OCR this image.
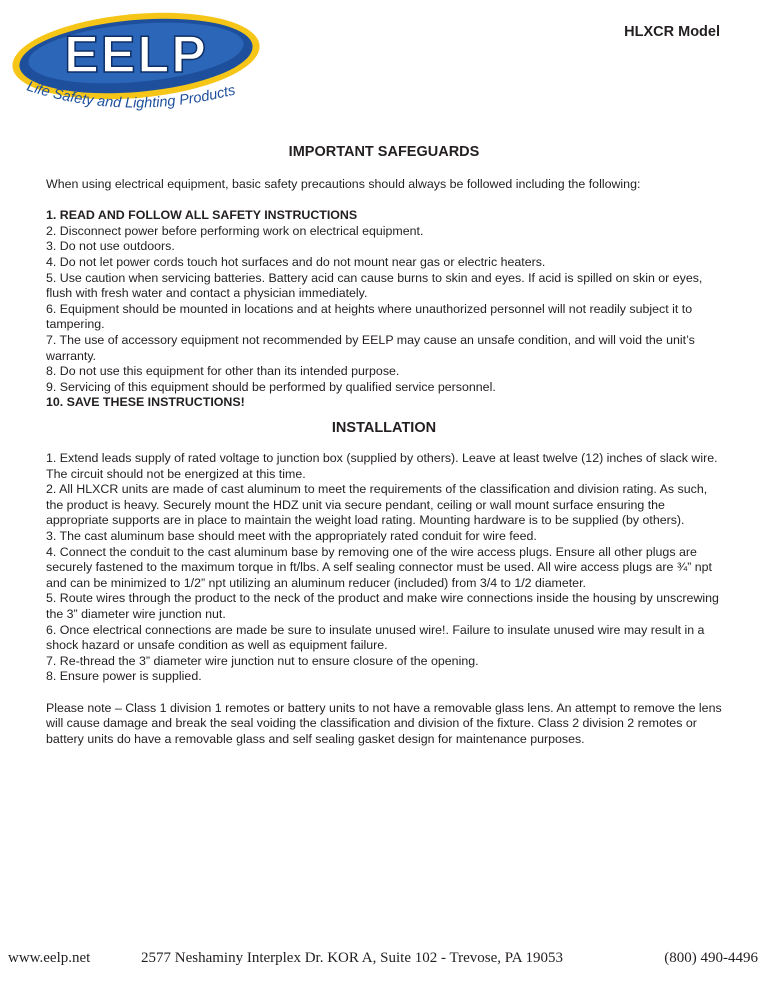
HLXCR Model
EELP
Life Safety and Lighting Products
IMPORTANT SAFEGUARDS

When using electrical equipment, basic safety precautions should always be followed including the following:

1. READ AND FOLLOW ALL SAFETY INSTRUCTIONS

2. Disconnect power before performing work on electrical equipment.

3. Do not use outdoors.

4. Do not let power cords touch hot surfaces and do not mount near gas or electric heaters.

5. Use caution when servicing batteries. Battery acid can cause burns to skin and eyes. If acid is spilled on skin or eyes, flush with fresh water and contact a physician immediately.

6. Equipment should be mounted in locations and at heights where unauthorized personnel will not readily subject it to tampering.

7. The use of accessory equipment not recommended by EELP may cause an unsafe condition, and will void the unit’s warranty.

8. Do not use this equipment for other than its intended purpose.

9. Servicing of this equipment should be performed by qualified service personnel.

10. SAVE THESE INSTRUCTIONS!

INSTALLATION

1. Extend leads supply of rated voltage to junction box (supplied by others). Leave at least twelve (12) inches of slack wire. The circuit should not be energized at this time.

2. All HLXCR units are made of cast aluminum to meet the requirements of the classification and division rating. As such, the product is heavy. Securely mount the HDZ unit via secure pendant, ceiling or wall mount surface ensuring the appropriate supports are in place to maintain the weight load rating. Mounting hardware is to be supplied (by others).

3. The cast aluminum base should meet with the appropriately rated conduit for wire feed.

4. Connect the conduit to the cast aluminum base by removing one of the wire access plugs. Ensure all other plugs are securely fastened to the maximum torque in ft/lbs. A self sealing connector must be used. All wire access plugs are ¾” npt and can be minimized to 1/2” npt utilizing an aluminum reducer (included) from 3/4 to 1/2 diameter.

5. Route wires through the product to the neck of the product and make wire connections inside the housing by unscrewing the 3” diameter wire junction nut.

6. Once electrical connections are made be sure to insulate unused wire!. Failure to insulate unused wire may result in a shock hazard or unsafe condition as well as equipment failure.

7. Re-thread the 3” diameter wire junction nut to ensure closure of the opening.

8. Ensure power is supplied.

Please note – Class 1 division 1 remotes or battery units to not have a removable glass lens. An attempt to remove the lens will cause damage and break the seal voiding the classification and division of the fixture. Class 2 division 2 remotes or battery units do have a removable glass and self sealing gasket design for maintenance purposes.

www.eelp.net	2577 Neshaminy Interplex Dr. KOR A, Suite 102 - Trevose, PA 19053	(800) 490-4496
